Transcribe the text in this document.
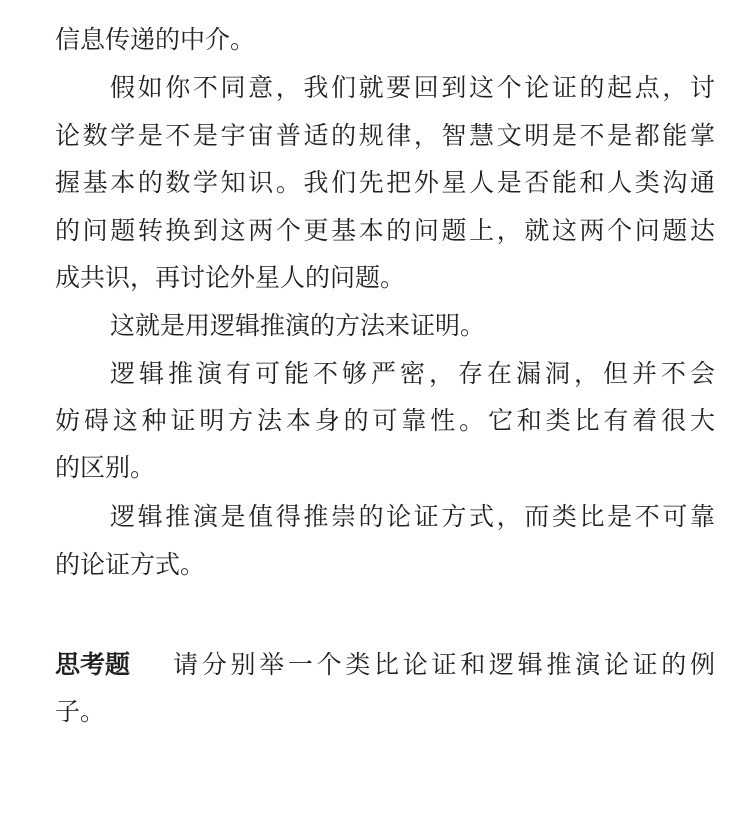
信息传递的中介。
假如你不同意，我们就要回到这个论证的起点，讨
论数学是不是宇宙普适的规律，智慧文明是不是都能掌
握基本的数学知识。我们先把外星人是否能和人类沟通
的问题转换到这两个更基本的问题上，就这两个问题达
成共识，再讨论外星人的问题。
这就是用逻辑推演的方法来证明。
逻辑推演有可能不够严密，存在漏洞，但并不会
妨碍这种证明方法本身的可靠性。它和类比有着很大
的区别。
逻辑推演是值得推崇的论证方式，而类比是不可靠
的论证方式。
思考题	请分别举一个类比论证和逻辑推演论证的例
子。
